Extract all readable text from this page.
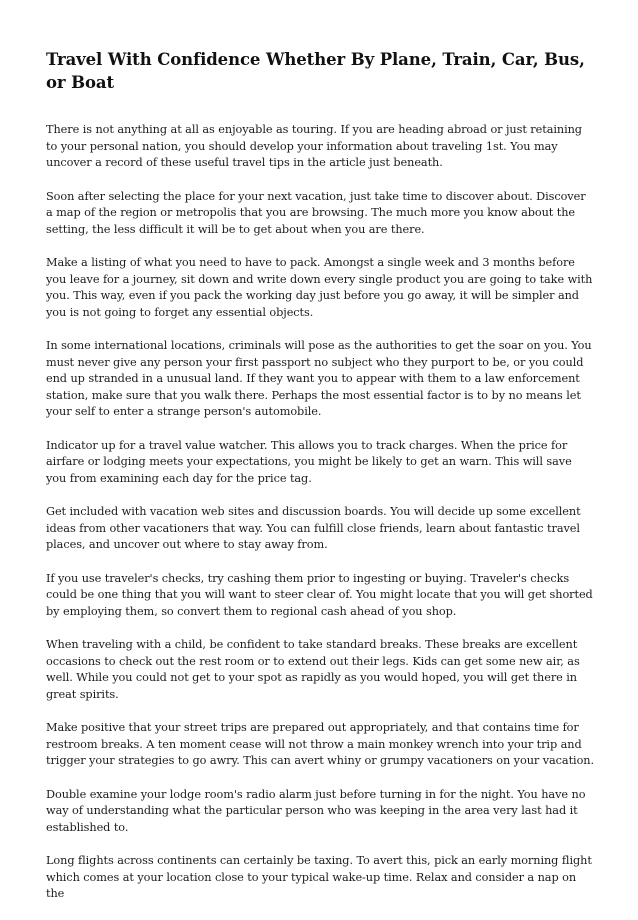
Travel With Confidence Whether By Plane, Train, Car, Bus, or Boat

There is not anything at all as enjoyable as touring. If you are heading abroad or just retaining to your personal nation, you should develop your information about traveling 1st. You may uncover a record of these useful travel tips in the article just beneath.

Soon after selecting the place for your next vacation, just take time to discover about. Discover a map of the region or metropolis that you are browsing. The much more you know about the setting, the less difficult it will be to get about when you are there.

Make a listing of what you need to have to pack. Amongst a single week and 3 months before you leave for a journey, sit down and write down every single product you are going to take with you. This way, even if you pack the working day just before you go away, it will be simpler and you is not going to forget any essential objects.

In some international locations, criminals will pose as the authorities to get the soar on you. You must never give any person your first passport no subject who they purport to be, or you could end up stranded in a unusual land. If they want you to appear with them to a law enforcement station, make sure that you walk there. Perhaps the most essential factor is to by no means let your self to enter a strange person's automobile.

Indicator up for a travel value watcher. This allows you to track charges. When the price for airfare or lodging meets your expectations, you might be likely to get an warn. This will save you from examining each day for the price tag.

Get included with vacation web sites and discussion boards. You will decide up some excellent ideas from other vacationers that way. You can fulfill close friends, learn about fantastic travel places, and uncover out where to stay away from.

If you use traveler's checks, try cashing them prior to ingesting or buying. Traveler's checks could be one thing that you will want to steer clear of. You might locate that you will get shorted by employing them, so convert them to regional cash ahead of you shop.

When traveling with a child, be confident to take standard breaks. These breaks are excellent occasions to check out the rest room or to extend out their legs. Kids can get some new air, as well. While you could not get to your spot as rapidly as you would hoped, you will get there in great spirits.

Make positive that your street trips are prepared out appropriately, and that contains time for restroom breaks. A ten moment cease will not throw a main monkey wrench into your trip and trigger your strategies to go awry. This can avert whiny or grumpy vacationers on your vacation.

Double examine your lodge room's radio alarm just before turning in for the night. You have no way of understanding what the particular person who was keeping in the area very last had it established to.

Long flights across continents can certainly be taxing. To avert this, pick an early morning flight which comes at your location close to your typical wake-up time. Relax and consider a nap on the
